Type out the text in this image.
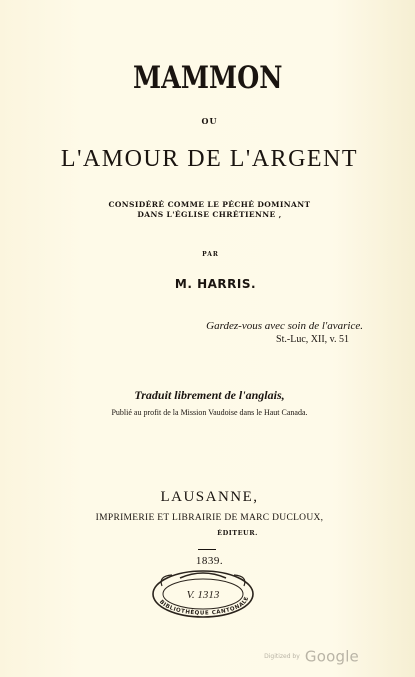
MAMMON
OU
L'AMOUR DE L'ARGENT
CONSIDÉRÉ COMME LE PÉCHÉ DOMINANT
DANS L'ÉGLISE CHRÉTIENNE ,
PAR
M. HARRIS.
Gardez-vous avec soin de l'avarice.
St.-Luc, XII, v. 51
Traduit librement de l'anglais,
Publié au profit de la Mission Vaudoise dans le Haut Canada.
LAUSANNE,
IMPRIMERIE ET LIBRAIRIE DE MARC DUCLOUX,
ÉDITEUR.
1839.
BIBLIOTHÈQUE CANTONALE
V. 1313
Digitized by Google
